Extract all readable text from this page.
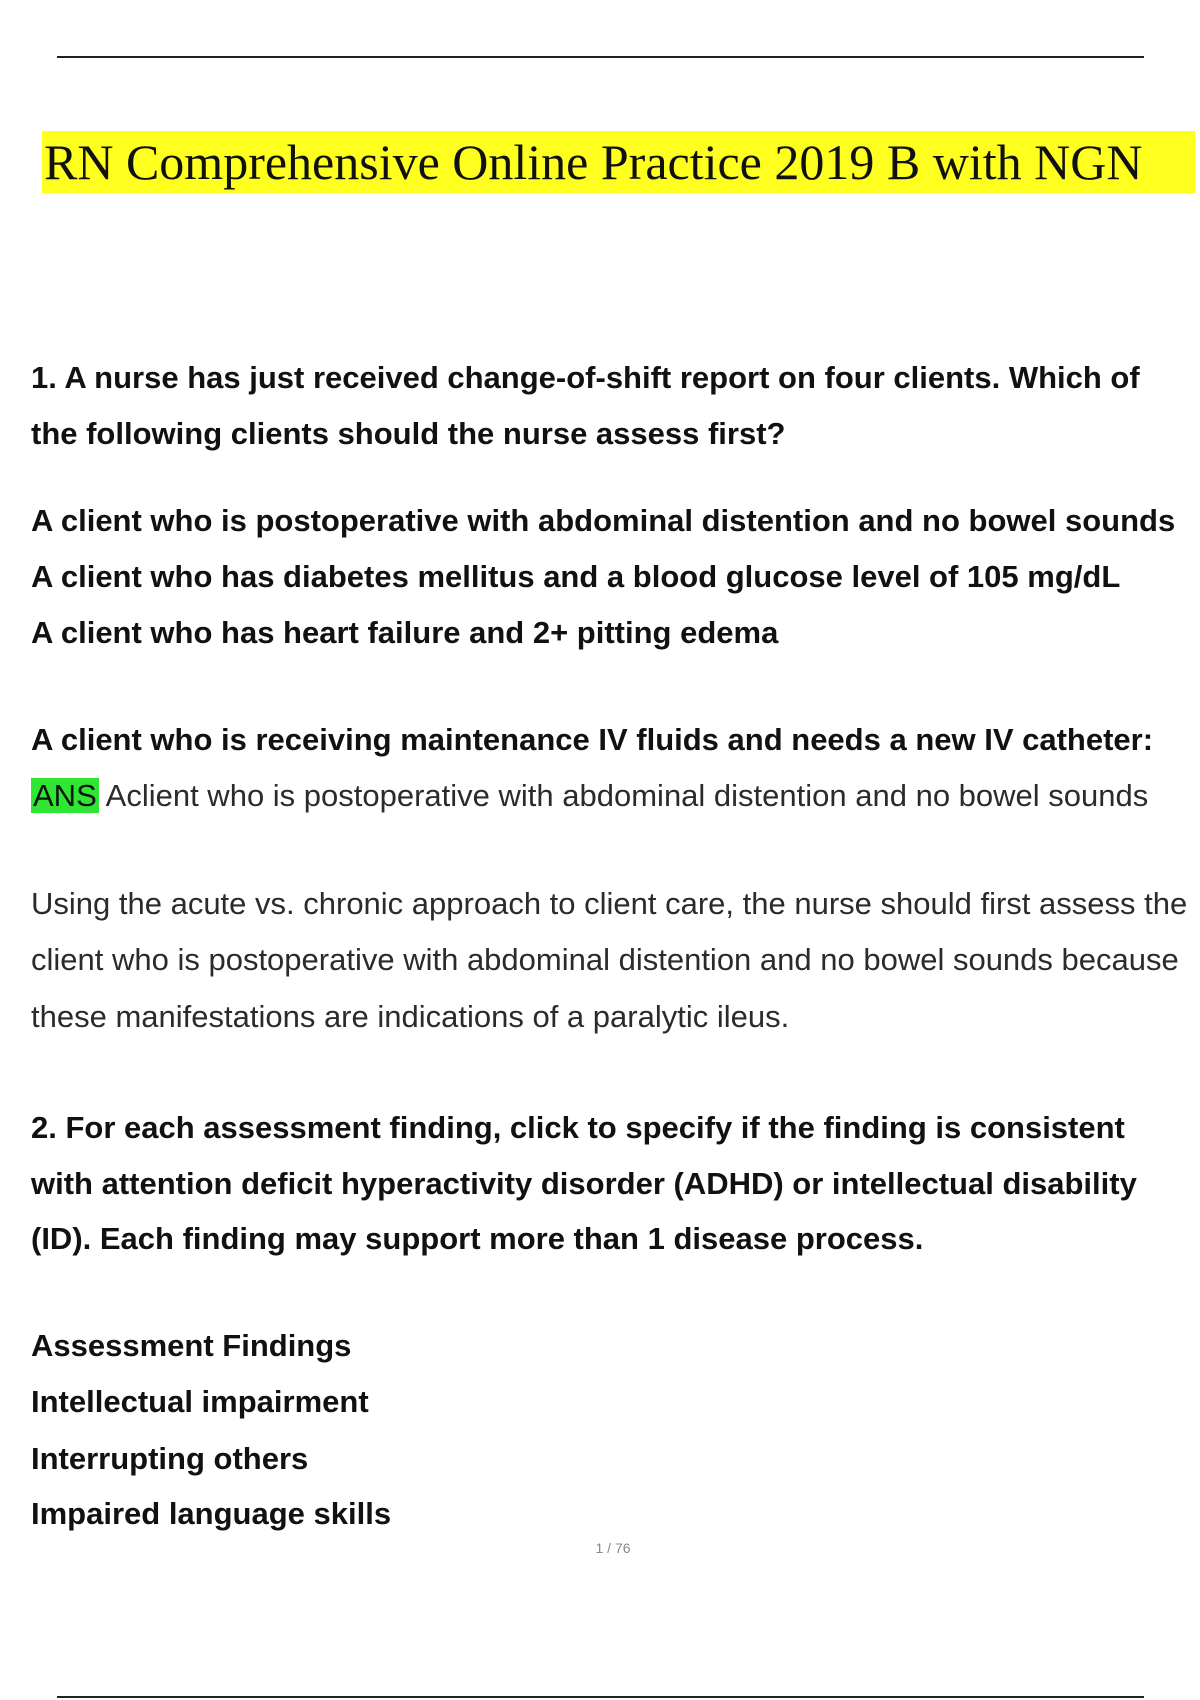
RN Comprehensive Online Practice 2019 B with NGN
1. A nurse has just received change-of-shift report on four clients. Which of
the following clients should the nurse assess first?
A client who is postoperative with abdominal distention and no bowel sounds
A client who has diabetes mellitus and a blood glucose level of 105 mg/dL
A client who has heart failure and 2+ pitting edema
A client who is receiving maintenance IV fluids and needs a new IV catheter:
ANS Aclient who is postoperative with abdominal distention and no bowel sounds
Using the acute vs. chronic approach to client care, the nurse should first assess the
client who is postoperative with abdominal distention and no bowel sounds because
these manifestations are indications of a paralytic ileus.
2. For each assessment finding, click to specify if the finding is consistent
with attention deficit hyperactivity disorder (ADHD) or intellectual disability
(ID). Each finding may support more than 1 disease process.
Assessment Findings
Intellectual impairment
Interrupting others
Impaired language skills
1 / 76
